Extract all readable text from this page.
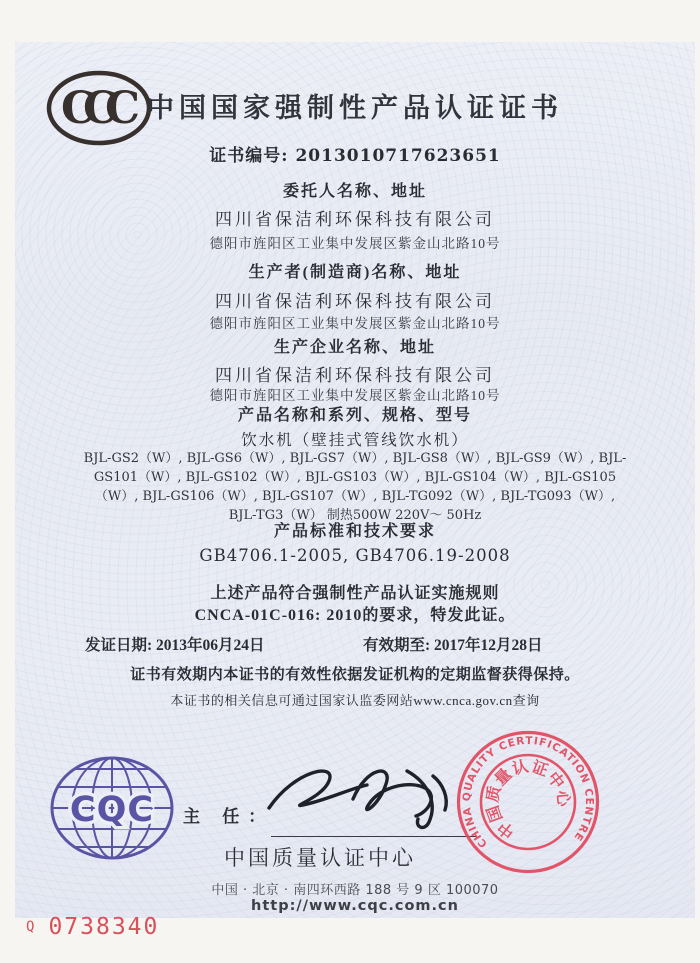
CCC 中国国家强制性产品认证证书
证书编号: 2013010717623651
委托人名称、地址
四川省保洁利环保科技有限公司
德阳市旌阳区工业集中发展区紫金山北路10号
生产者(制造商)名称、地址
四川省保洁利环保科技有限公司
德阳市旌阳区工业集中发展区紫金山北路10号
生产企业名称、地址
四川省保洁利环保科技有限公司
德阳市旌阳区工业集中发展区紫金山北路10号
产品名称和系列、规格、型号
饮水机（壁挂式管线饮水机）
BJL-GS2（W）, BJL-GS6（W）, BJL-GS7（W）, BJL-GS8（W）, BJL-GS9（W）, BJL-
GS101（W）, BJL-GS102（W）, BJL-GS103（W）, BJL-GS104（W）, BJL-GS105
（W）, BJL-GS106（W）, BJL-GS107（W）, BJL-TG092（W）, BJL-TG093（W）,
BJL-TG3（W） 制热500W 220V～ 50Hz
产品标准和技术要求
GB4706.1-2005, GB4706.19-2008
上述产品符合强制性产品认证实施规则
CNCA-01C-016: 2010的要求，特发此证。
发证日期: 2013年06月24日	有效期至: 2017年12月28日
证书有效期内本证书的有效性依据发证机构的定期监督获得保持。
本证书的相关信息可通过国家认监委网站www.cnca.gov.cn查询
CQC 主 任：
中国质量认证中心
中国 · 北京 · 南四环西路 188 号 9 区 100070
http://www.cqc.com.cn
CHINA QUALITY CERTIFICATION CENTRE
中国质量认证中心
Q 0738340
